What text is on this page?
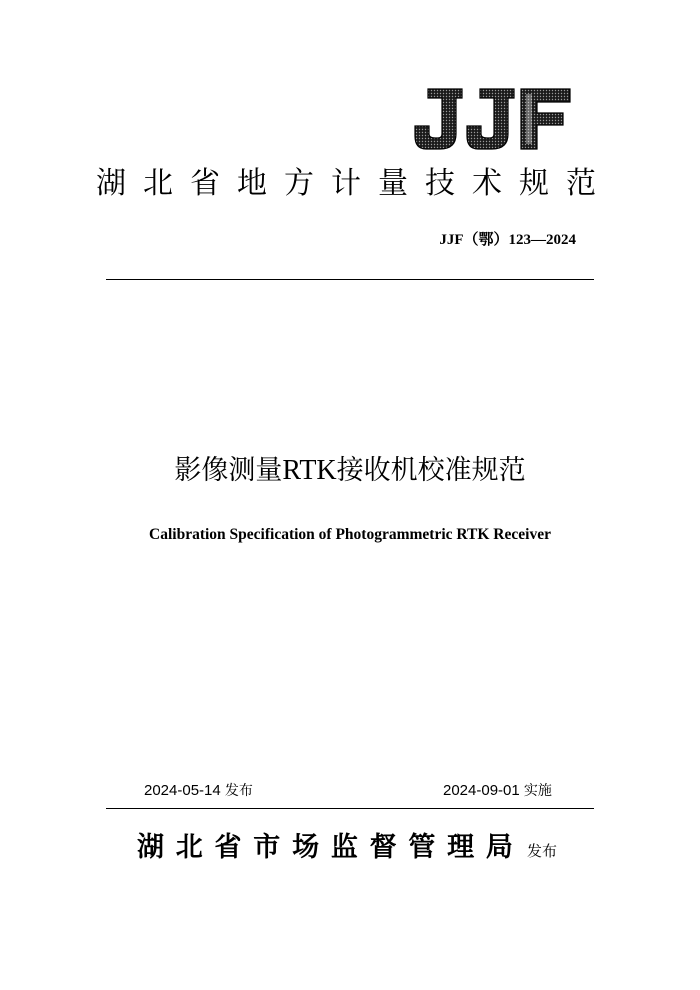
JJF
湖 北 省 地 方 计 量 技 术 规 范
JJF（鄂）123—2024
影像测量RTK接收机校准规范
Calibration Specification of Photogrammetric RTK Receiver
2024-05-14 发布	2024-09-01 实施
湖 北 省 市 场 监 督 管 理 局 发布
